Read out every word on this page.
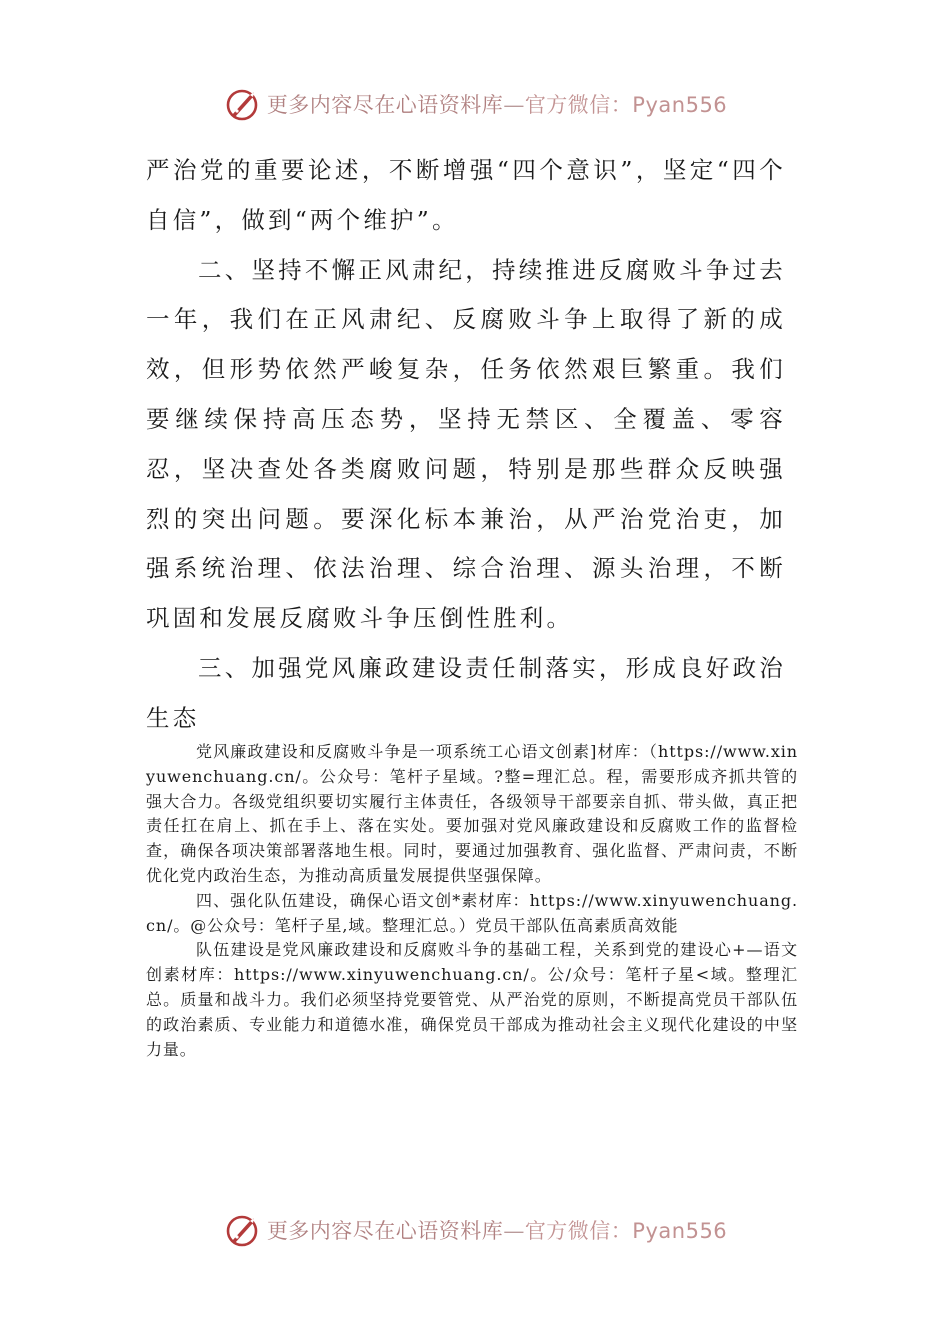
更多内容尽在心语资料库—官方微信：Pyan556

严治党的重要论述，不断增强“四个意识”，坚定“四个自信”，做到“两个维护”。

二、坚持不懈正风肃纪，持续推进反腐败斗争过去一年，我们在正风肃纪、反腐败斗争上取得了新的成效，但形势依然严峻复杂，任务依然艰巨繁重。我们要继续保持高压态势，坚持无禁区、全覆盖、零容忍，坚决查处各类腐败问题，特别是那些群众反映强烈的突出问题。要深化标本兼治，从严治党治吏，加强系统治理、依法治理、综合治理、源头治理，不断巩固和发展反腐败斗争压倒性胜利。

三、加强党风廉政建设责任制落实，形成良好政治生态

党风廉政建设和反腐败斗争是一项系统工心语文创素]材库：（https://www.xinyuwenchuang.cn/。公众号：笔杆子星域。?整=理汇总。程，需要形成齐抓共管的强大合力。各级党组织要切实履行主体责任，各级领导干部要亲自抓、带头做，真正把责任扛在肩上、抓在手上、落在实处。要加强对党风廉政建设和反腐败工作的监督检查，确保各项决策部署落地生根。同时，要通过加强教育、强化监督、严肃问责，不断优化党内政治生态，为推动高质量发展提供坚强保障。

四、强化队伍建设，确保心语文创*素材库：https://www.xinyuwenchuang.cn/。@公众号：笔杆子星,域。整理汇总。）党员干部队伍高素质高效能

队伍建设是党风廉政建设和反腐败斗争的基础工程，关系到党的建设心+—语文创素材库：https://www.xinyuwenchuang.cn/。公/众号：笔杆子星<域。整理汇总。质量和战斗力。我们必须坚持党要管党、从严治党的原则，不断提高党员干部队伍的政治素质、专业能力和道德水准，确保党员干部成为推动社会主义现代化建设的中坚力量。

更多内容尽在心语资料库—官方微信：Pyan556
